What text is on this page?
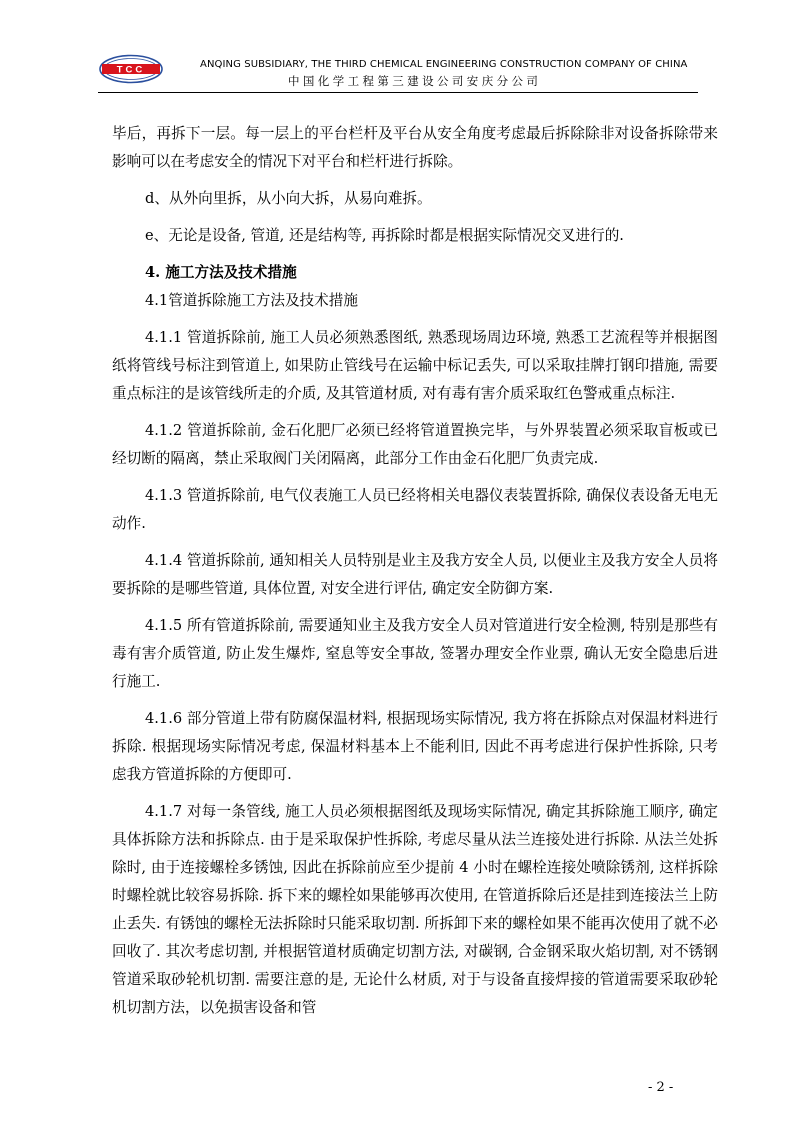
TCC
ANQING SUBSIDIARY, THE THIRD CHEMICAL ENGINEERING CONSTRUCTION COMPANY OF CHINA
中国化学工程第三建设公司安庆分公司

毕后，再拆下一层。每一层上的平台栏杆及平台从安全角度考虑最后拆除除非对设备拆除带来影响可以在考虑安全的情况下对平台和栏杆进行拆除。

d、从外向里拆，从小向大拆，从易向难拆。

e、无论是设备, 管道, 还是结构等, 再拆除时都是根据实际情况交叉进行的.

4. 施工方法及技术措施

4.1管道拆除施工方法及技术措施

4.1.1 管道拆除前, 施工人员必须熟悉图纸, 熟悉现场周边环境, 熟悉工艺流程等并根据图纸将管线号标注到管道上, 如果防止管线号在运输中标记丢失, 可以采取挂牌打钢印措施, 需要重点标注的是该管线所走的介质, 及其管道材质, 对有毒有害介质采取红色警戒重点标注.

4.1.2 管道拆除前, 金石化肥厂必须已经将管道置换完毕，与外界装置必须采取盲板或已经切断的隔离，禁止采取阀门关闭隔离，此部分工作由金石化肥厂负责完成.

4.1.3 管道拆除前, 电气仪表施工人员已经将相关电器仪表装置拆除, 确保仪表设备无电无动作.

4.1.4 管道拆除前, 通知相关人员特别是业主及我方安全人员, 以便业主及我方安全人员将要拆除的是哪些管道, 具体位置, 对安全进行评估, 确定安全防御方案.

4.1.5 所有管道拆除前, 需要通知业主及我方安全人员对管道进行安全检测, 特别是那些有毒有害介质管道, 防止发生爆炸, 窒息等安全事故, 签署办理安全作业票, 确认无安全隐患后进行施工.

4.1.6 部分管道上带有防腐保温材料, 根据现场实际情况, 我方将在拆除点对保温材料进行拆除. 根据现场实际情况考虑, 保温材料基本上不能利旧, 因此不再考虑进行保护性拆除, 只考虑我方管道拆除的方便即可.

4.1.7 对每一条管线, 施工人员必须根据图纸及现场实际情况, 确定其拆除施工顺序, 确定具体拆除方法和拆除点. 由于是采取保护性拆除, 考虑尽量从法兰连接处进行拆除. 从法兰处拆除时, 由于连接螺栓多锈蚀, 因此在拆除前应至少提前 4 小时在螺栓连接处喷除锈剂, 这样拆除时螺栓就比较容易拆除. 拆下来的螺栓如果能够再次使用, 在管道拆除后还是挂到连接法兰上防止丢失. 有锈蚀的螺栓无法拆除时只能采取切割. 所拆卸下来的螺栓如果不能再次使用了就不必回收了. 其次考虑切割, 并根据管道材质确定切割方法, 对碳钢, 合金钢采取火焰切割, 对不锈钢管道采取砂轮机切割. 需要注意的是, 无论什么材质, 对于与设备直接焊接的管道需要采取砂轮机切割方法，以免损害设备和管

- 2 -
